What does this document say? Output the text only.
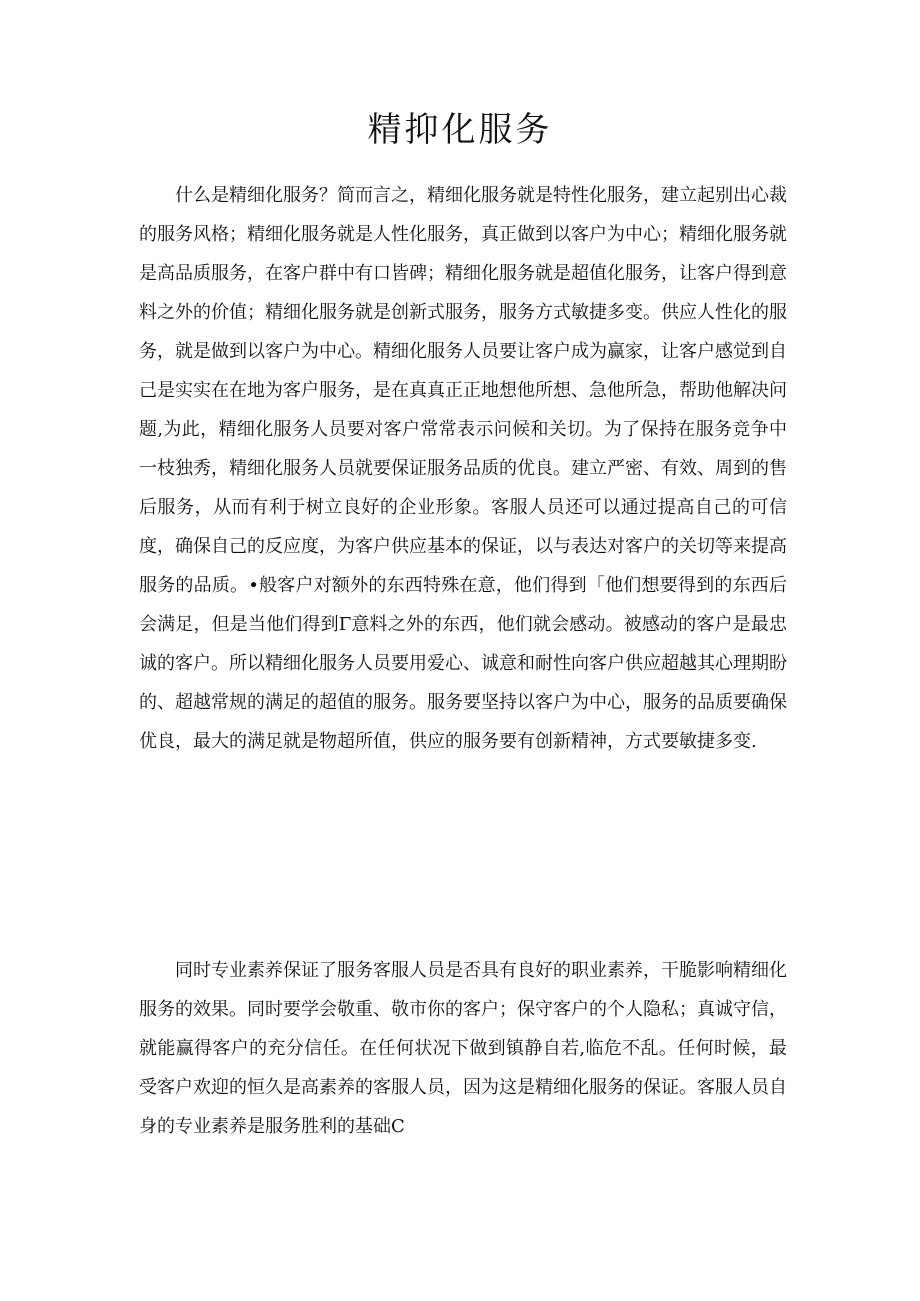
精抑化服务

什么是精细化服务？简而言之，精细化服务就是特性化服务，建立起别出心裁的服务风格；精细化服务就是人性化服务，真正做到以客户为中心；精细化服务就是高品质服务，在客户群中有口皆碑；精细化服务就是超值化服务，让客户得到意料之外的价值；精细化服务就是创新式服务，服务方式敏捷多变。供应人性化的服务，就是做到以客户为中心。精细化服务人员要让客户成为赢家，让客户感觉到自己是实实在在地为客户服务，是在真真正正地想他所想、急他所急，帮助他解决问题,为此，精细化服务人员要对客户常常表示问候和关切。为了保持在服务竞争中一枝独秀，精细化服务人员就要保证服务品质的优良。建立严密、有效、周到的售后服务，从而有利于树立良好的企业形象。客服人员还可以通过提高自己的可信度，确保自己的反应度，为客户供应基本的保证，以与表达对客户的关切等来提高服务的品质。•般客户对额外的东西特殊在意，他们得到「他们想要得到的东西后会满足，但是当他们得到Γ意料之外的东西，他们就会感动。被感动的客户是最忠诚的客户。所以精细化服务人员要用爱心、诚意和耐性向客户供应超越其心理期盼的、超越常规的满足的超值的服务。服务要坚持以客户为中心，服务的品质要确保优良，最大的满足就是物超所值，供应的服务要有创新精神，方式要敏捷多变.

同时专业素养保证了服务客服人员是否具有良好的职业素养，干脆影响精细化服务的效果。同时要学会敬重、敬市你的客户；保守客户的个人隐私；真诚守信，就能赢得客户的充分信任。在任何状况下做到镇静自若,临危不乱。任何时候，最受客户欢迎的恒久是高素养的客服人员，因为这是精细化服务的保证。客服人员自身的专业素养是服务胜利的基础C
